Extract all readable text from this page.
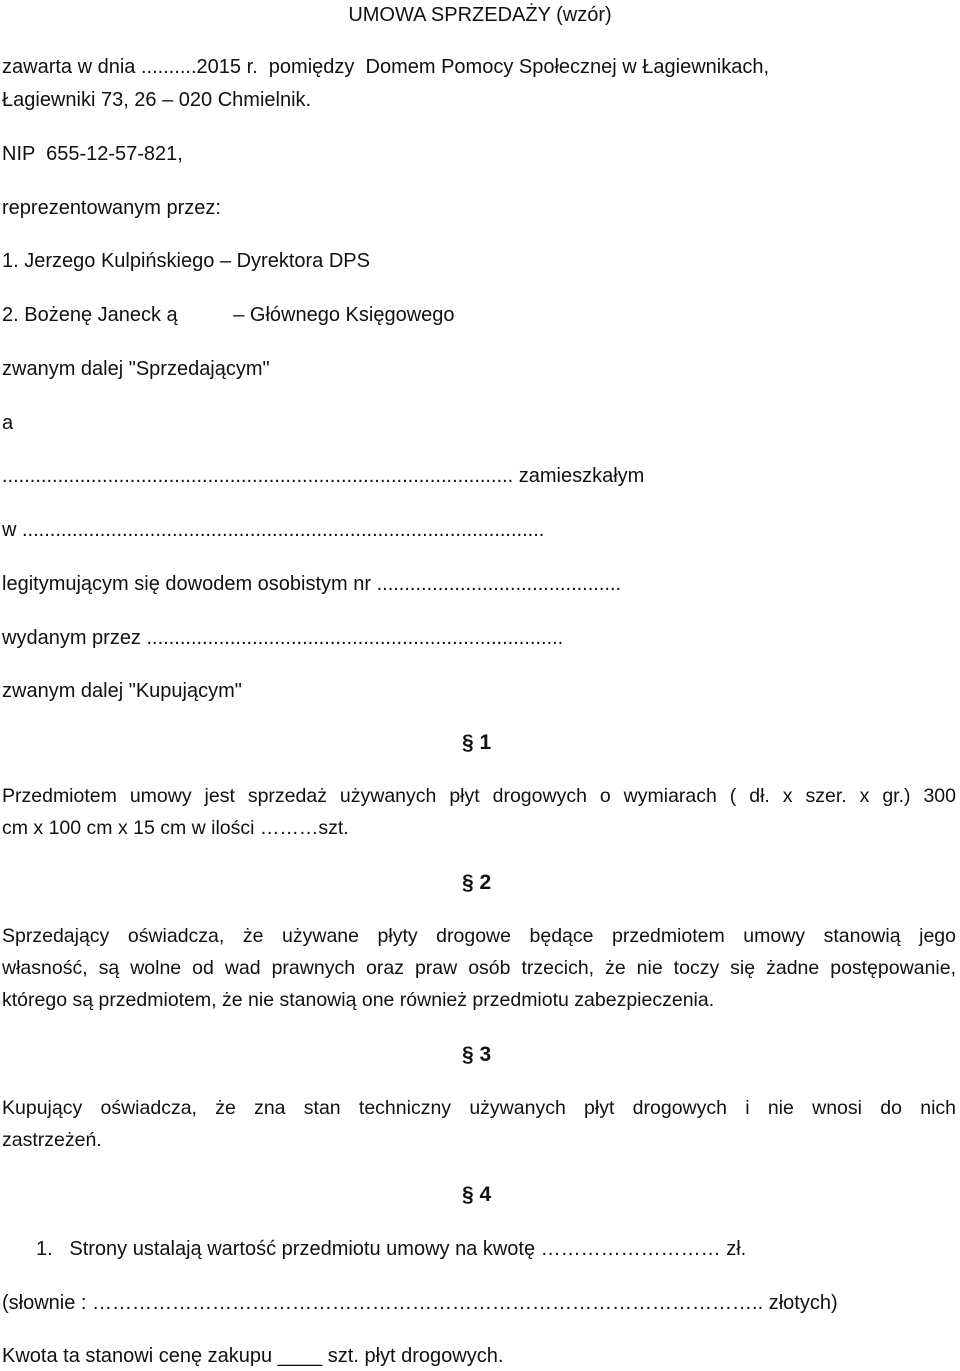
UMOWA SPRZEDAŻY (wzór)
zawarta w dnia ..........2015 r.  pomiędzy  Domem Pomocy Społecznej w Łagiewnikach,
Łagiewniki 73, 26 – 020 Chmielnik.
NIP  655-12-57-821,
reprezentowanym przez:
1. Jerzego Kulpińskiego – Dyrektora DPS
2. Bożenę Janeck ą          – Głównego Księgowego
zwanym dalej "Sprzedającym"
a
............................................................................................ zamieszkałym
w ..............................................................................................
legitymującym się dowodem osobistym nr ............................................
wydanym przez ...........................................................................
zwanym dalej "Kupującym"
§ 1
Przedmiotem umowy jest sprzedaż używanych płyt drogowych o wymiarach ( dł. x szer. x gr.) 300
cm x 100 cm x 15 cm w ilości ………szt.
§ 2
Sprzedający oświadcza, że używane płyty drogowe będące przedmiotem umowy stanowią jego
własność, są wolne od wad prawnych oraz praw osób trzecich, że nie toczy się żadne postępowanie,
którego są przedmiotem, że nie stanowią one również przedmiotu zabezpieczenia.
§ 3
Kupujący oświadcza, że zna stan techniczny używanych płyt drogowych i nie wnosi do nich
zastrzeżeń.
§ 4
1.   Strony ustalają wartość przedmiotu umowy na kwotę ……………………… zł.
(słownie : ……………………………………………………………………………………….. złotych)
Kwota ta stanowi cenę zakupu ____ szt. płyt drogowych.
